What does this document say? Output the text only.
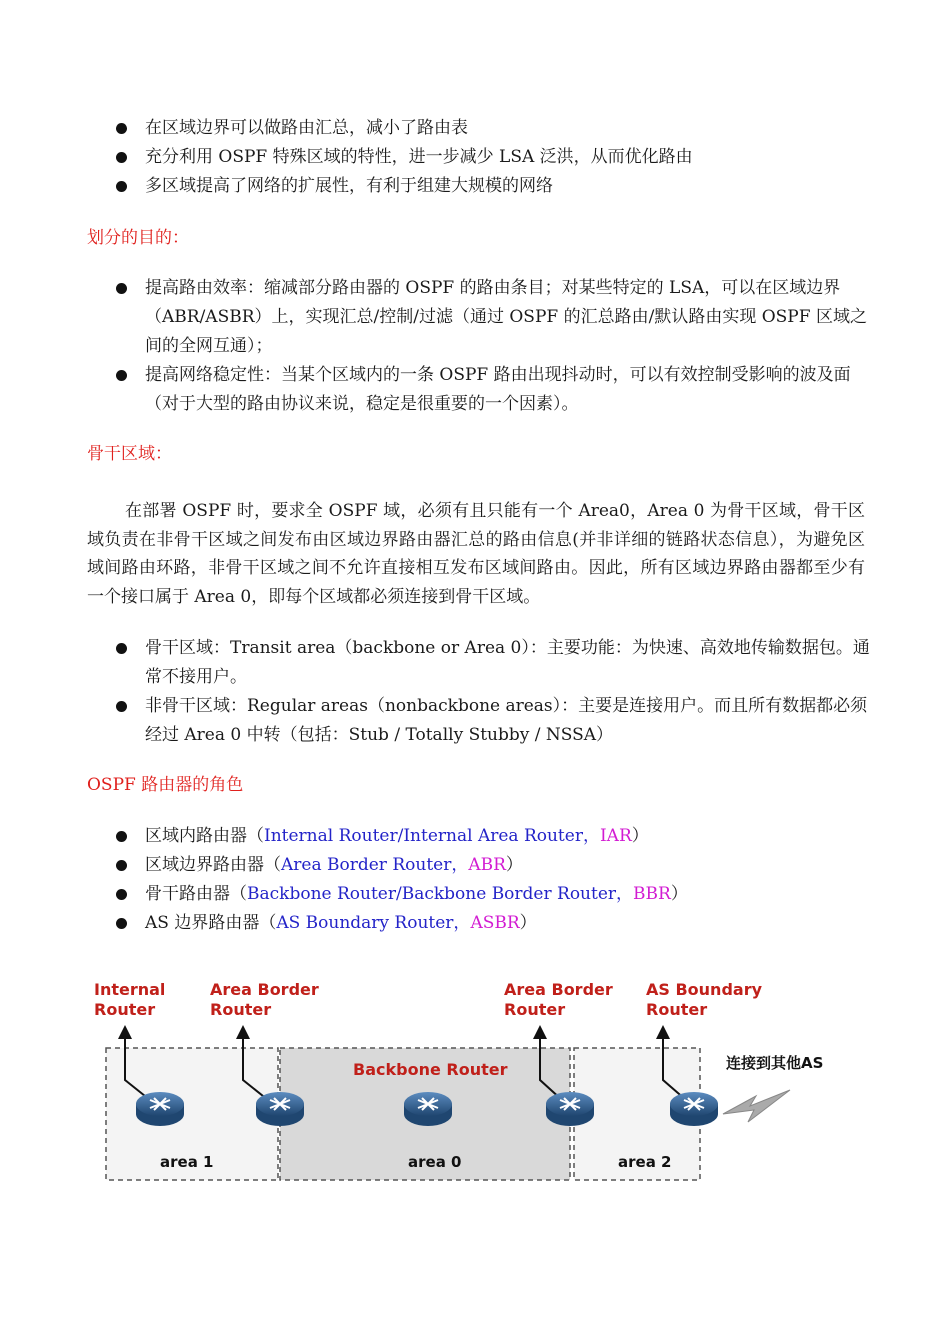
在区域边界可以做路由汇总，减小了路由表
充分利用 OSPF 特殊区域的特性，进一步减少 LSA 泛洪，从而优化路由
多区域提高了网络的扩展性，有利于组建大规模的网络
划分的目的：
提高路由效率：缩减部分路由器的 OSPF 的路由条目；对某些特定的 LSA，可以在区域边界（ABR/ASBR）上，实现汇总/控制/过滤（通过 OSPF 的汇总路由/默认路由实现 OSPF 区域之间的全网互通）；
提高网络稳定性：当某个区域内的一条 OSPF 路由出现抖动时，可以有效控制受影响的波及面（对于大型的路由协议来说，稳定是很重要的一个因素）。
骨干区域：
在部署 OSPF 时，要求全 OSPF 域，必须有且只能有一个 Area0，Area 0 为骨干区域，骨干区域负责在非骨干区域之间发布由区域边界路由器汇总的路由信息(并非详细的链路状态信息），为避免区域间路由环路，非骨干区域之间不允许直接相互发布区域间路由。因此，所有区域边界路由器都至少有一个接口属于 Area 0，即每个区域都必须连接到骨干区域。
骨干区域：Transit area（backbone or Area 0）：主要功能：为快速、高效地传输数据包。通常不接用户。
非骨干区域：Regular areas（nonbackbone areas）：主要是连接用户。而且所有数据都必须经过 Area 0 中转（包括：Stub / Totally Stubby / NSSA）
OSPF 路由器的角色
区域内路由器（Internal Router/Internal Area Router，IAR）
区域边界路由器（Area Border Router，ABR）
骨干路由器（Backbone Router/Backbone Border Router，BBR）
AS 边界路由器（AS Boundary Router，ASBR）
Internal
Router
Area Border
Router
Area Border
Router
AS Boundary
Router
Backbone Router	连接到其他AS
area 1	area 0	area 2
